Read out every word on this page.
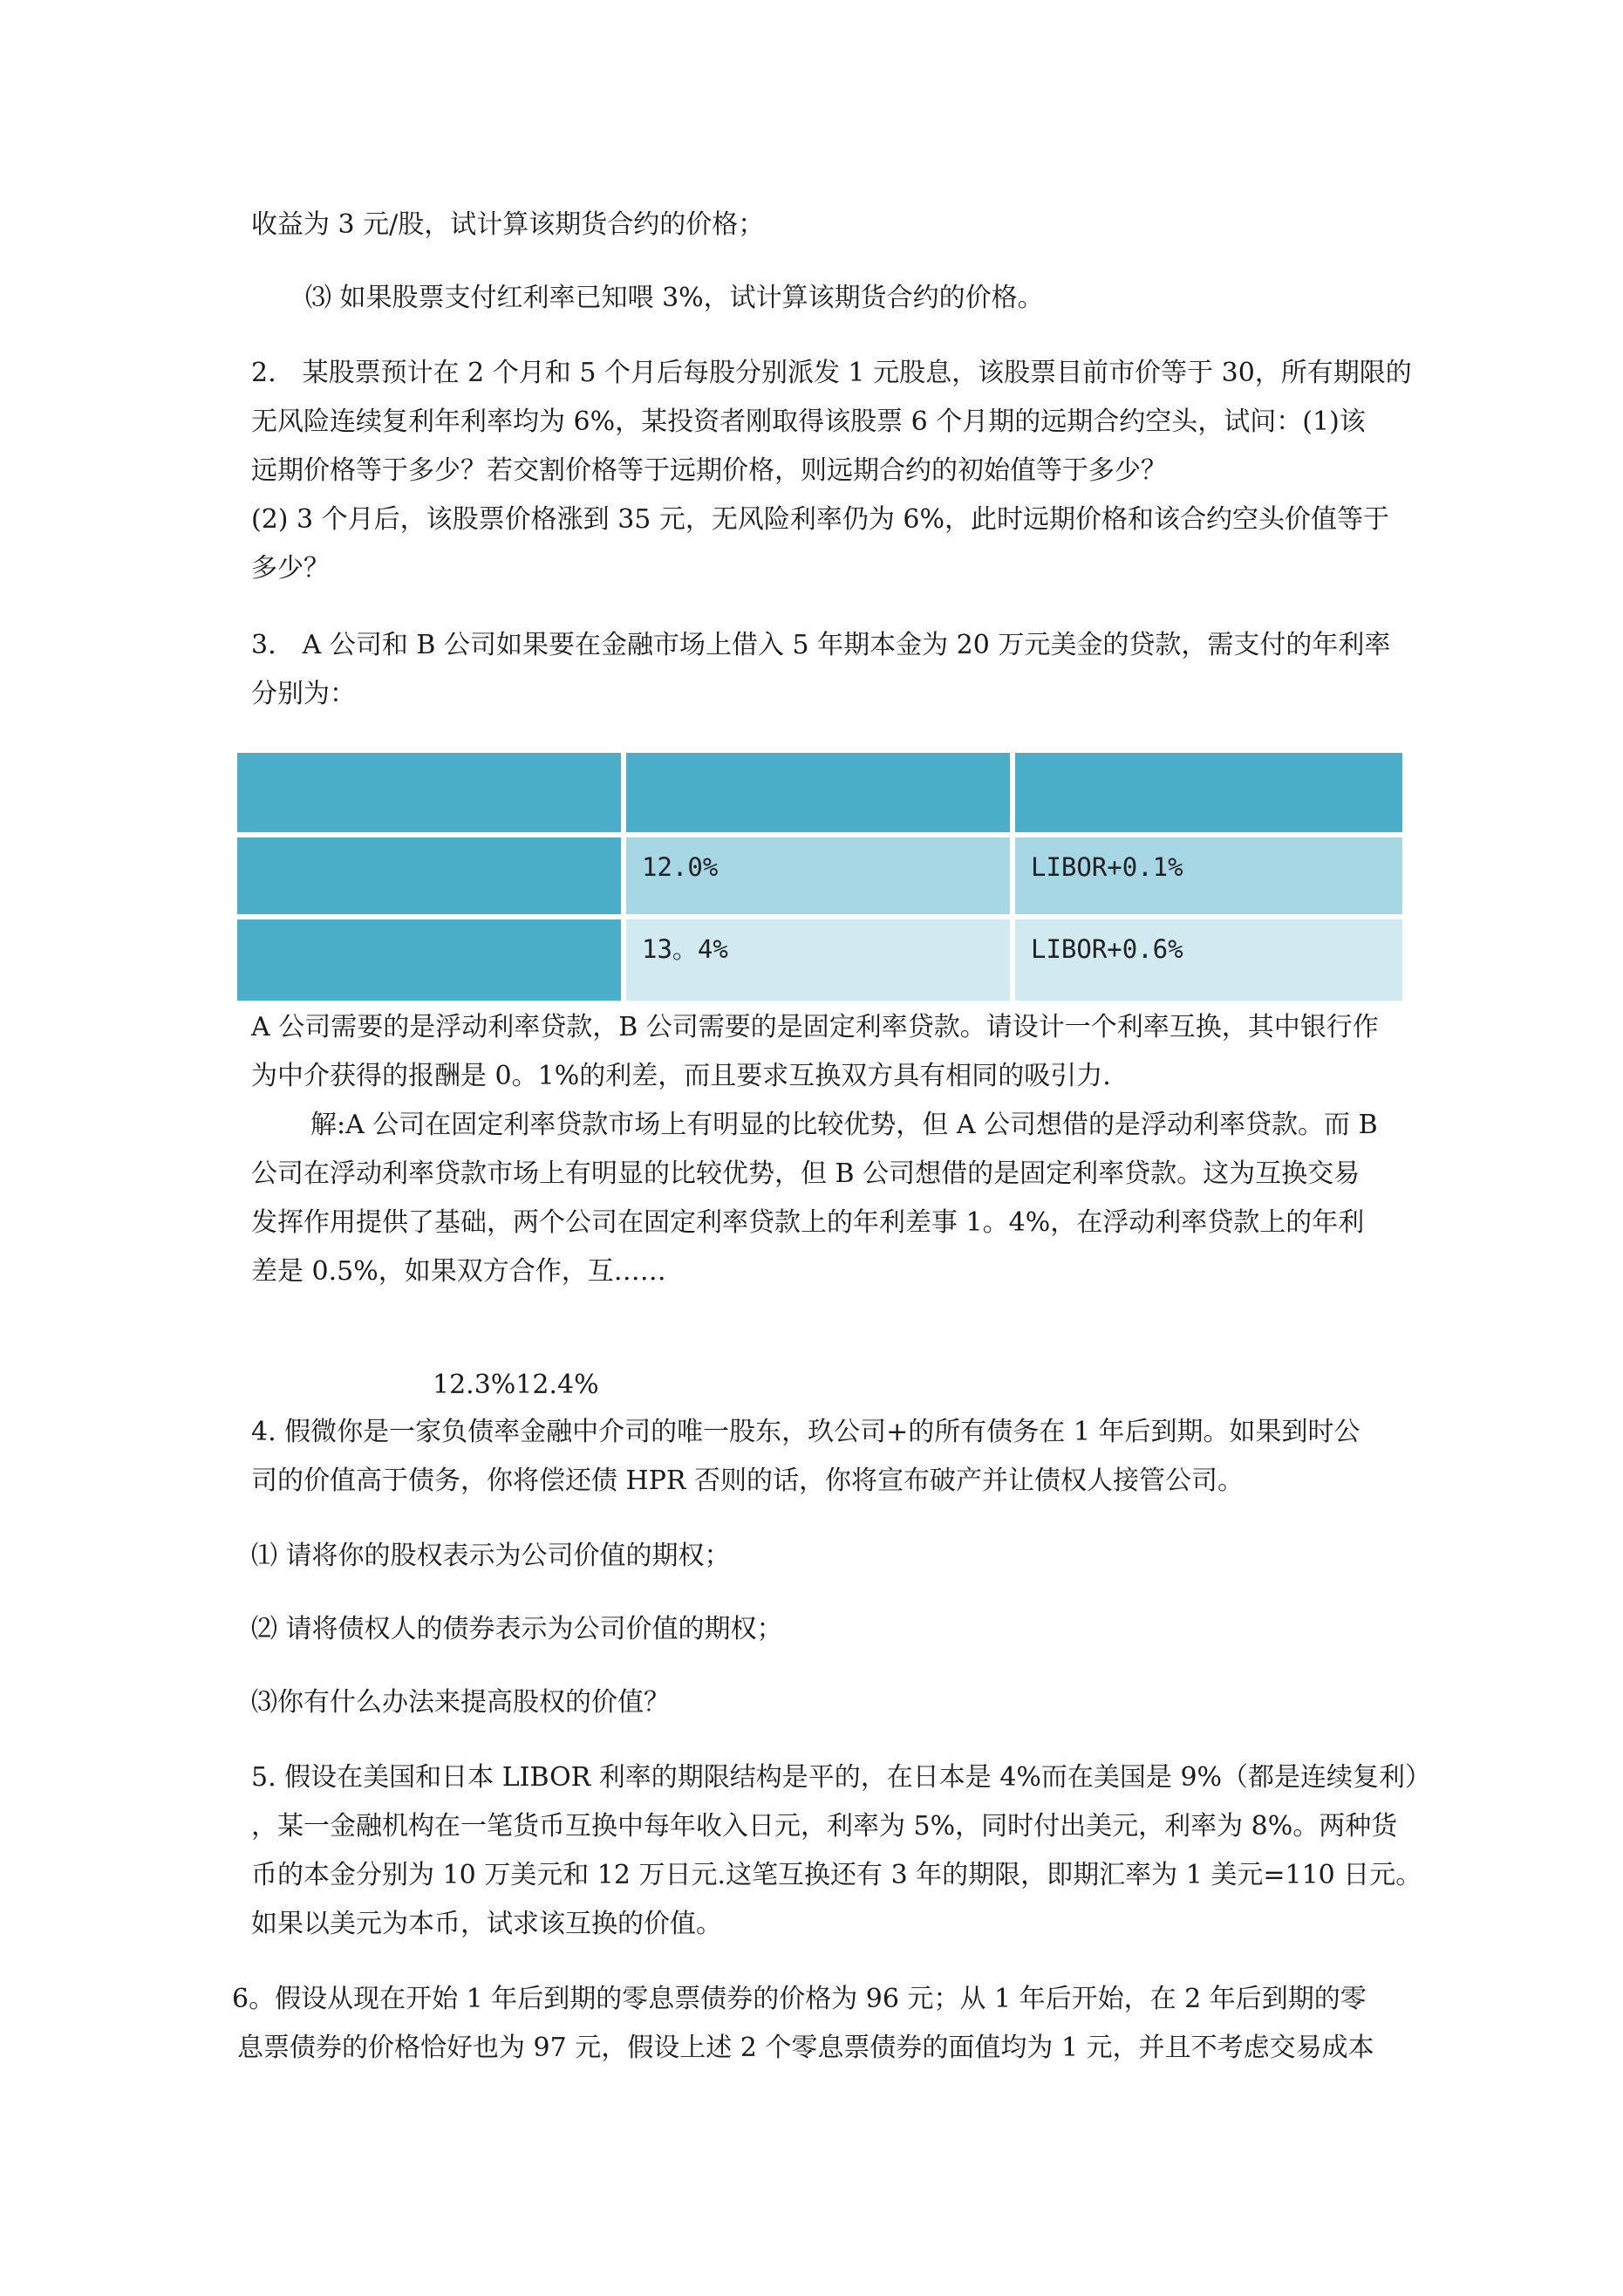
收益为 3 元/股，试计算该期货合约的价格；
⑶ 如果股票支付红利率已知喂 3%，试计算该期货合约的价格。
2.　某股票预计在 2 个月和 5 个月后每股分别派发 1 元股息，该股票目前市价等于 30，所有期限的
无风险连续复利年利率均为 6%，某投资者刚取得该股票 6 个月期的远期合约空头，试问：(1)该
远期价格等于多少？若交割价格等于远期价格，则远期合约的初始值等于多少？
(2) 3 个月后，该股票价格涨到 35 元，无风险利率仍为 6%，此时远期价格和该合约空头价值等于
多少？
3.　A 公司和 B 公司如果要在金融市场上借入 5 年期本金为 20 万元美金的贷款，需支付的年利率
分别为：
12.0%	LIBOR+0.1%
13。4%	LIBOR+0.6%
A 公司需要的是浮动利率贷款，B 公司需要的是固定利率贷款。请设计一个利率互换，其中银行作
为中介获得的报酬是 0。1%的利差，而且要求互换双方具有相同的吸引力.
解:A 公司在固定利率贷款市场上有明显的比较优势，但 A 公司想借的是浮动利率贷款。而 B
公司在浮动利率贷款市场上有明显的比较优势，但 B 公司想借的是固定利率贷款。这为互换交易
发挥作用提供了基础，两个公司在固定利率贷款上的年利差事 1。4%，在浮动利率贷款上的年利
差是 0.5%，如果双方合作，互……
12.3%12.4%
4. 假微你是一家负债率金融中介司的唯一股东，玖公司+的所有债务在 1 年后到期。如果到时公
司的价值高于债务，你将偿还债 HPR 否则的话，你将宣布破产并让债权人接管公司。
⑴ 请将你的股权表示为公司价值的期权；
⑵ 请将债权人的债券表示为公司价值的期权；
⑶你有什么办法来提高股权的价值？
5. 假设在美国和日本 LIBOR 利率的期限结构是平的，在日本是 4%而在美国是 9%（都是连续复利）
，某一金融机构在一笔货币互换中每年收入日元，利率为 5%，同时付出美元，利率为 8%。两种货
币的本金分别为 10 万美元和 12 万日元.这笔互换还有 3 年的期限，即期汇率为 1 美元=110 日元。
如果以美元为本币，试求该互换的价值。
6。假设从现在开始 1 年后到期的零息票债券的价格为 96 元；从 1 年后开始，在 2 年后到期的零
息票债券的价格恰好也为 97 元，假设上述 2 个零息票债券的面值均为 1 元，并且不考虑交易成本
